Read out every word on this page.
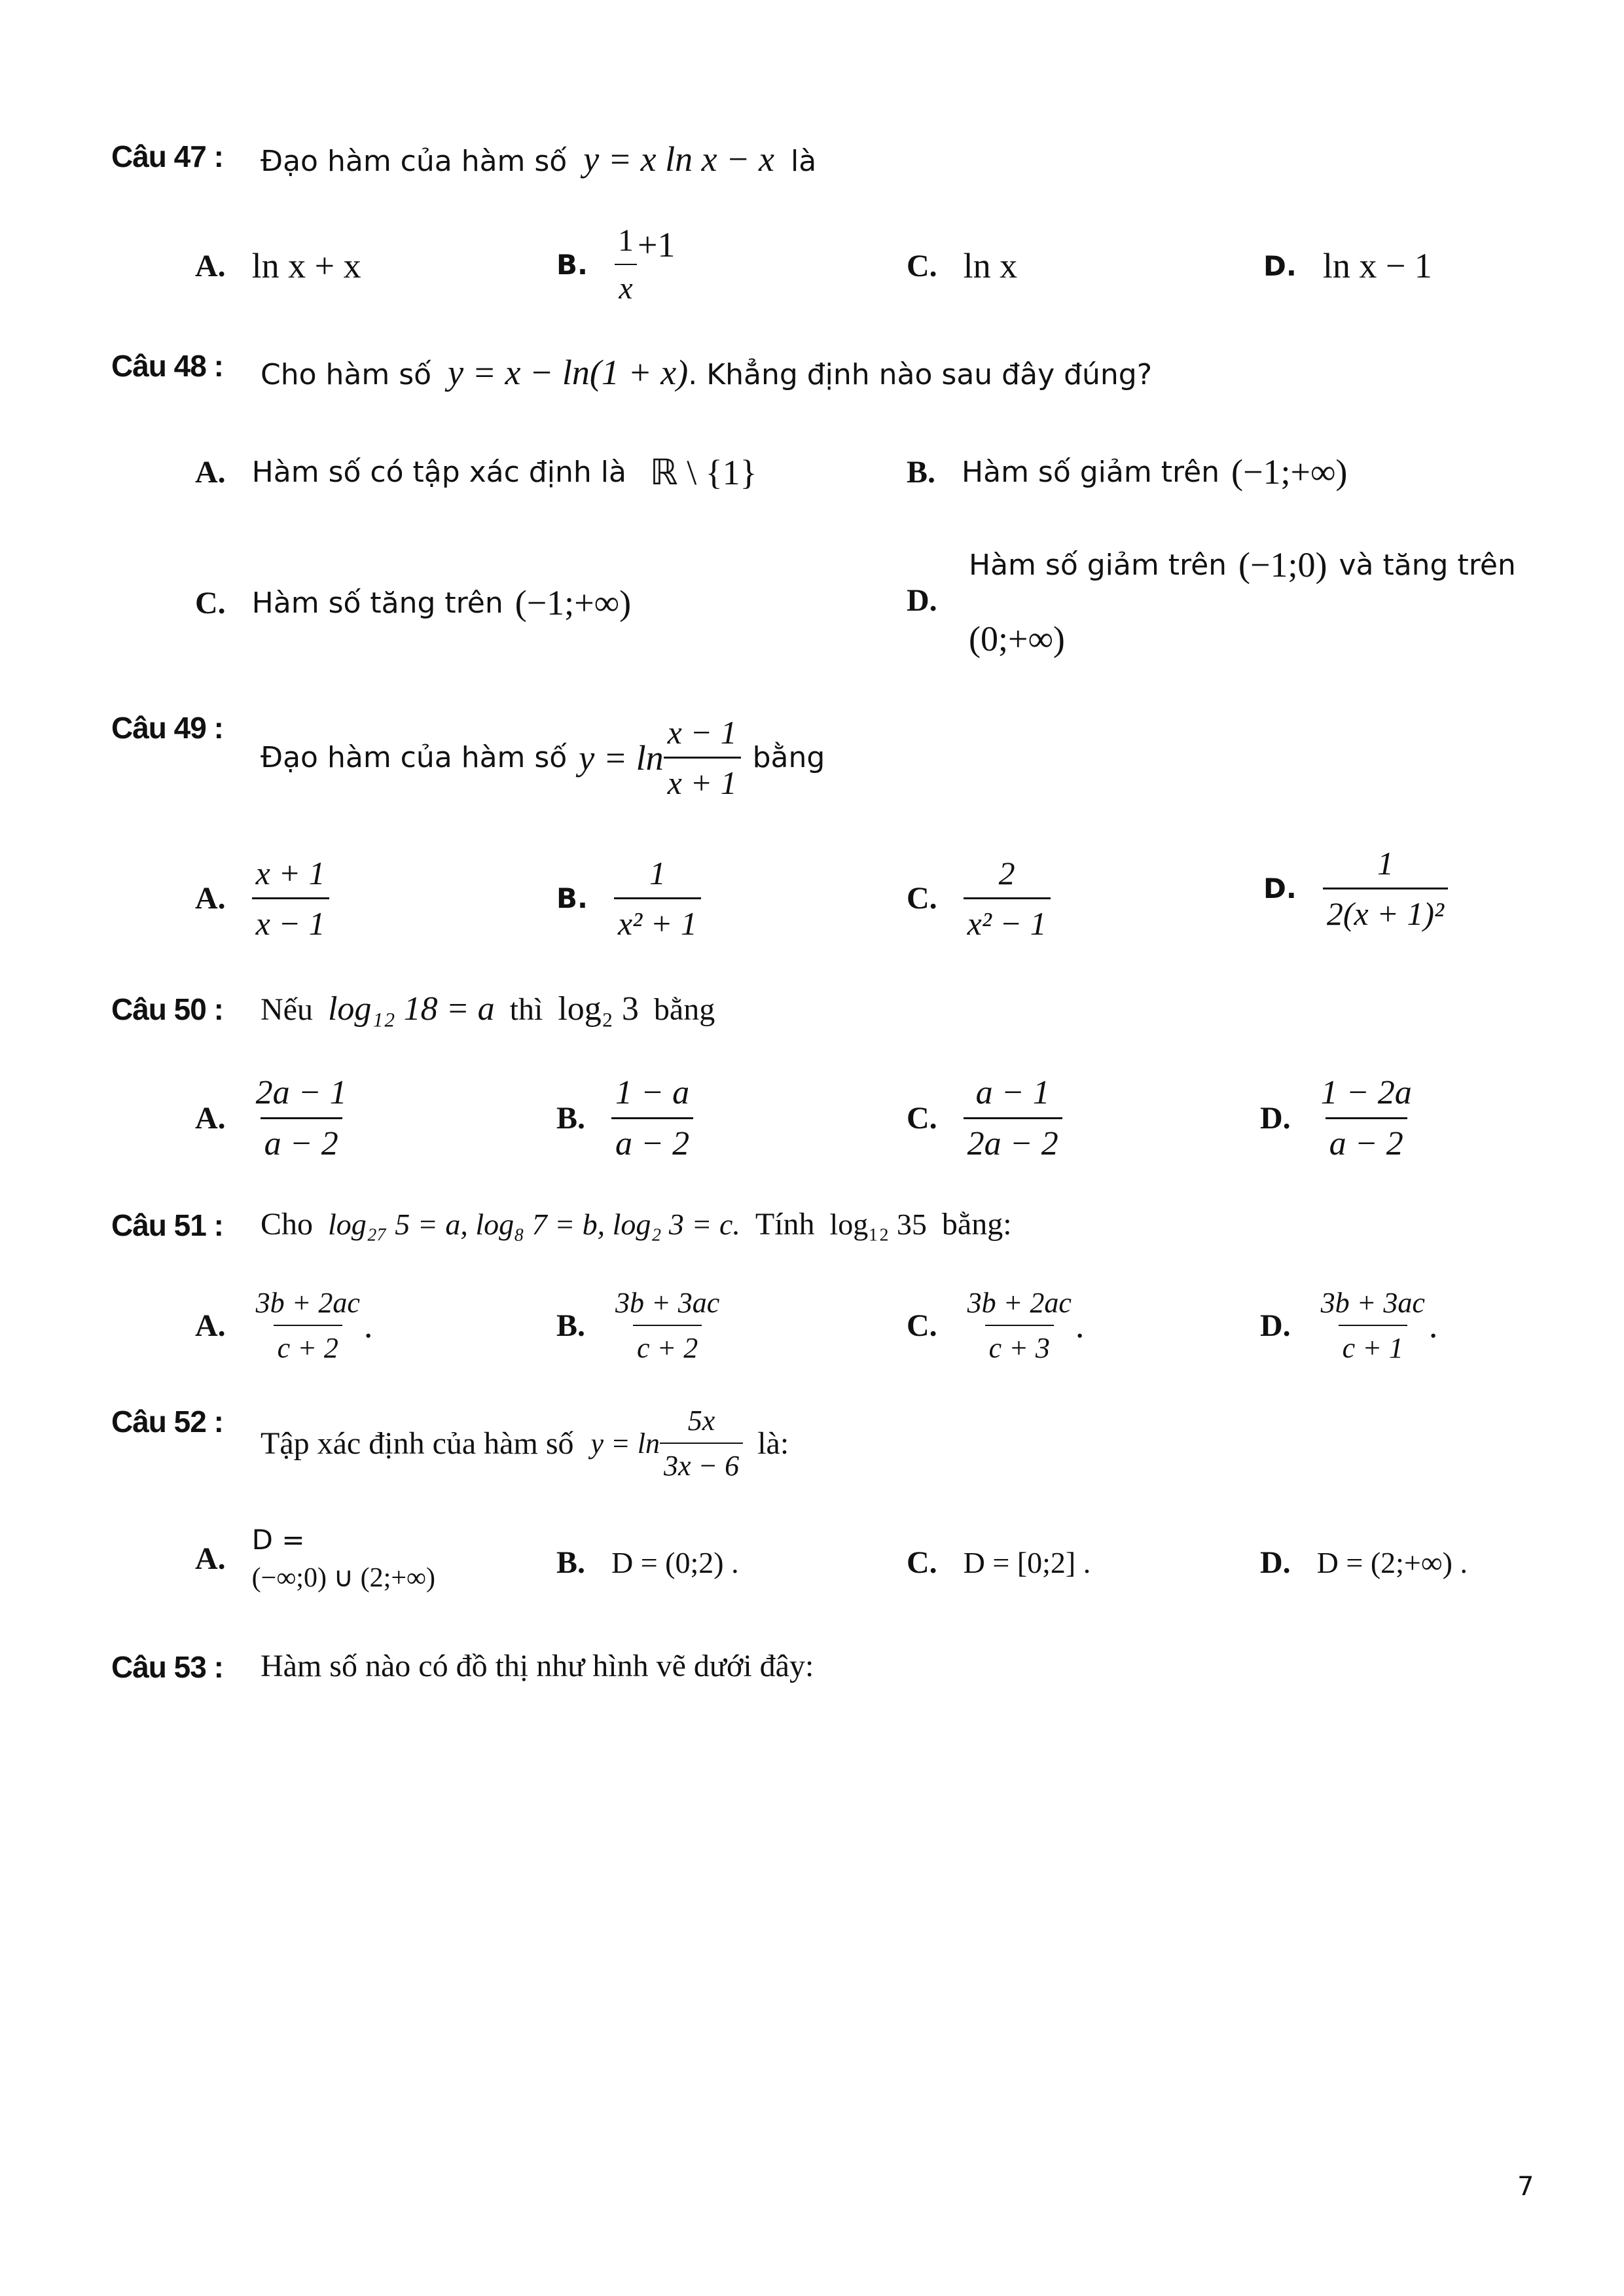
Câu 47 : Đạo hàm của hàm số y = x ln x − x là
A. ln x + x	B. $\frac{1}{x} +1$
C. ln x	D. ln x − 1
Câu 48 : Cho hàm số y = x − ln(1 + x). Khẳng định nào sau đây đúng?
A. Hàm số có tập xác định là ℝ \ {1}	B. Hàm số giảm trên (−1;+∞)
C. Hàm số tăng trên (−1;+∞)	D.
Hàm số giảm trên (−1;0) và tăng trên
(0;+∞)
Câu 49 :
Đạo hàm của hàm số $y = \ln \frac{x - 1}{x + 1}$ bằng
A. $\frac{x + 1}{x - 1}$	B. $\frac{1}{\text{x² + 1}}$	C. $\frac{2}{\text{x² − 1}}$	D. $\frac{1}{\text{2(x + 1)²}}$
Câu 50 : Nếu log₁₂ 18 = a thì log₂ 3 bằng
A. $\frac{2a - 1}{a - 2}$	B. $\frac{1 - a}{a - 2}$	C. $\frac{a - 1}{2a - 2}$	D. $\frac{1 - 2a}{a - 2}$
Câu 51 : Cho log₂₇ 5 = a, log₈ 7 = b, log₂ 3 = c. Tính log₁₂ 35 bằng:
A. $\frac{3b + 2ac}{c + 2}$ .	B. $\frac{3b + 3ac}{c + 2}$	C. $\frac{3b + 2ac}{c + 3}$ .	D. $\frac{3b + 3ac}{c + 1}$ .
Câu 52 :
Tập xác định của hàm số $y = \ln \frac{5x}{3x - 6}$ là:
A.
D =
(−∞;0) ∪ (2;+∞)	B. D = (0;2) .	C. D = [0;2] .	D. D = (2;+∞) .
Câu 53 : Hàm số nào có đồ thị như hình vẽ dưới đây:
7
